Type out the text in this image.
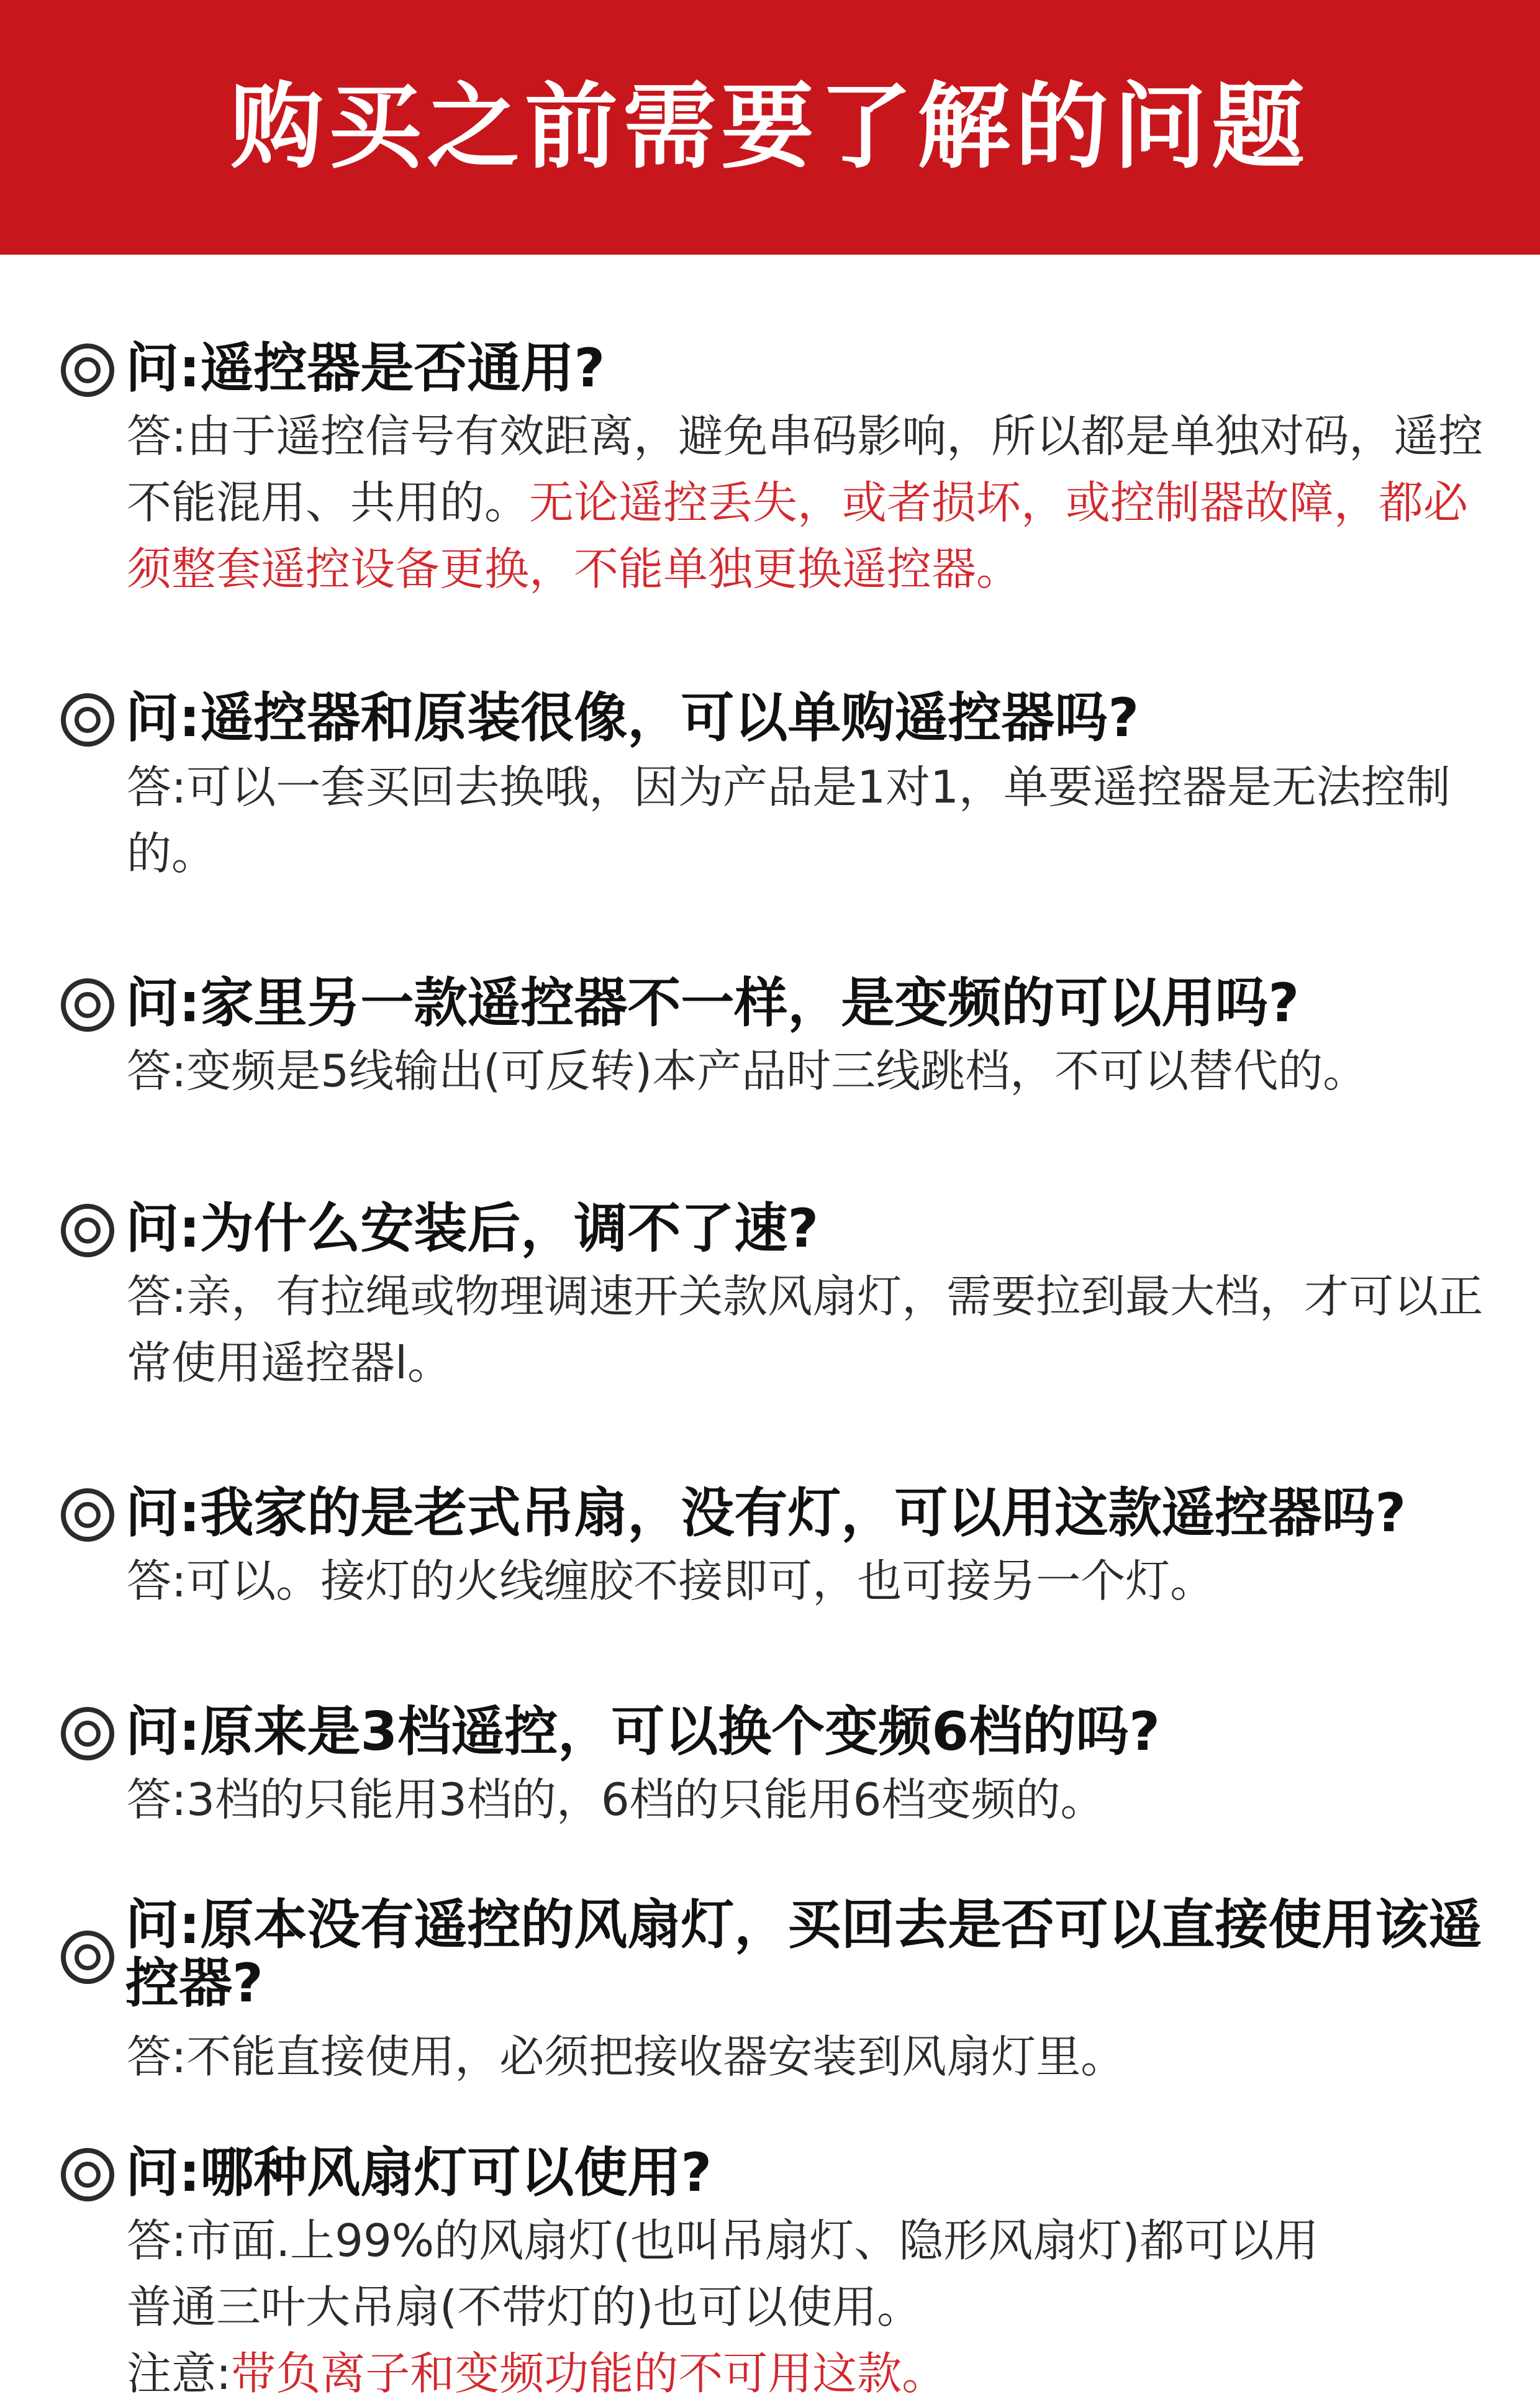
购买之前需要了解的问题
问:遥控器是否通用?
答:由于遥控信号有效距离，避免串码影响，所以都是单独对码，遥控不能混用、共用的。无论遥控丢失，或者损坏，或控制器故障，都必须整套遥控设备更换，不能单独更换遥控器。
问:遥控器和原装很像，可以单购遥控器吗?
答:可以一套买回去换哦，因为产品是1对1，单要遥控器是无法控制的。
问:家里另一款遥控器不一样，是变频的可以用吗?
答:变频是5线输出(可反转)本产品时三线跳档，不可以替代的。
问:为什么安装后，调不了速?
答:亲，有拉绳或物理调速开关款风扇灯，需要拉到最大档，才可以正常使用遥控器l。
问:我家的是老式吊扇，没有灯，可以用这款遥控器吗?
答:可以。接灯的火线缠胶不接即可，也可接另一个灯。
问:原来是3档遥控，可以换个变频6档的吗?
答:3档的只能用3档的，6档的只能用6档变频的。
问:原本没有遥控的风扇灯，买回去是否可以直接使用该遥控器?
答:不能直接使用，必须把接收器安装到风扇灯里。
问:哪种风扇灯可以使用?
答:市面.上99%的风扇灯(也叫吊扇灯、隐形风扇灯)都可以用
普通三叶大吊扇(不带灯的)也可以使用。
注意:带负离子和变频功能的不可用这款。
